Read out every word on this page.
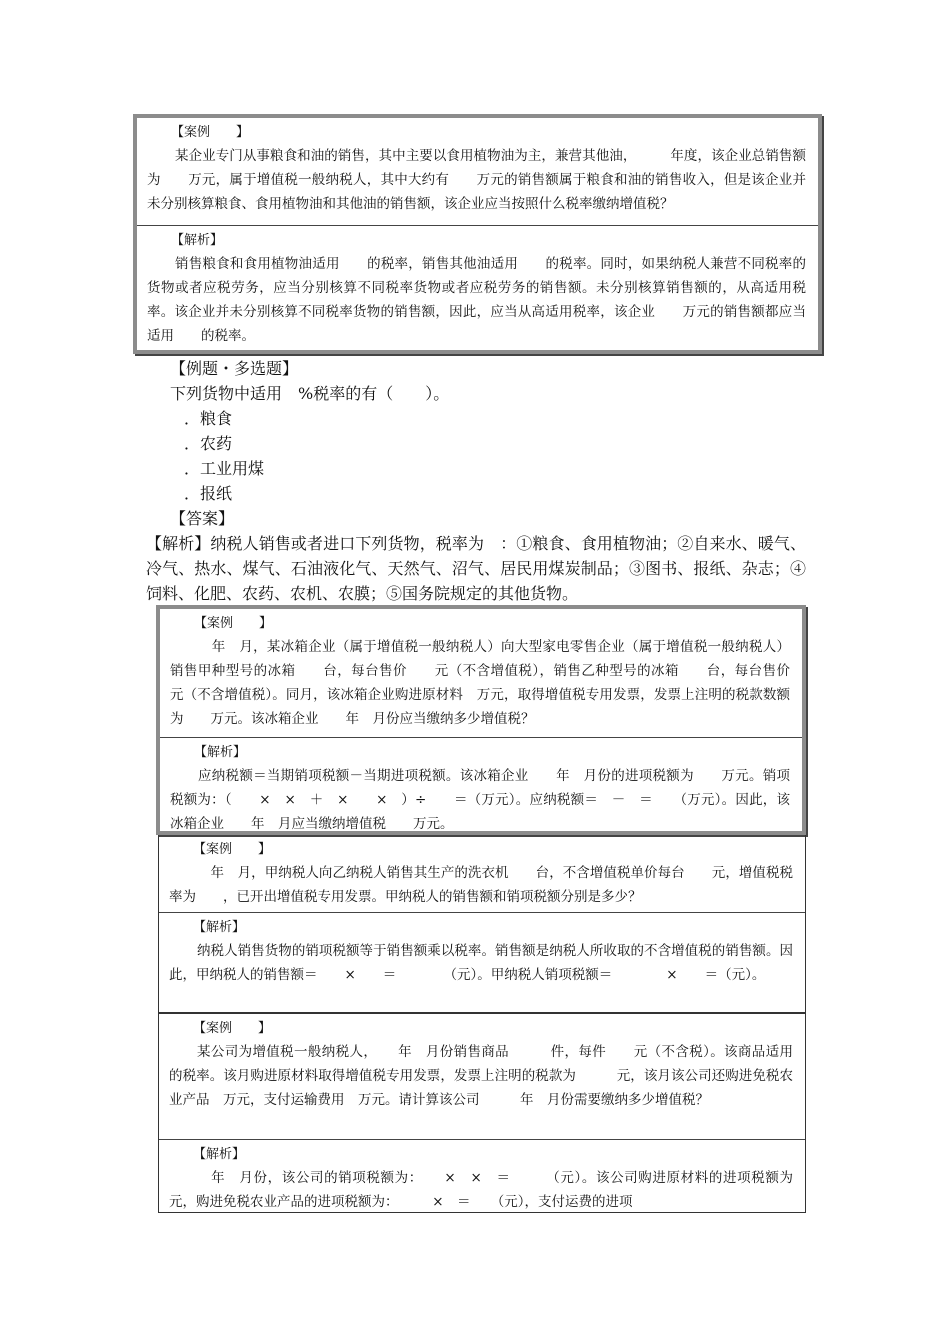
【案例　　】

某企业专门从事粮食和油的销售，其中主要以食用植物油为主，兼营其他油，　　　年度，该企业总销售额为　　万元，属于增值税一般纳税人，其中大约有　　万元的销售额属于粮食和油的销售收入，但是该企业并未分别核算粮食、食用植物油和其他油的销售额，该企业应当按照什么税率缴纳增值税？

【解析】

销售粮食和食用植物油适用　　的税率，销售其他油适用　　的税率。同时，如果纳税人兼营不同税率的货物或者应税劳务，应当分别核算不同税率货物或者应税劳务的销售额。未分别核算销售额的，从高适用税率。该企业并未分别核算不同税率货物的销售额，因此，应当从高适用税率，该企业　　万元的销售额都应当适用　　的税率。

【例题・多选题】
下列货物中适用　%税率的有（　　）。
．粮食
．农药
．工业用煤
．报纸
【答案】
【解析】纳税人销售或者进口下列货物，税率为　：①粮食、食用植物油；②自来水、暖气、冷气、热水、煤气、石油液化气、天然气、沼气、居民用煤炭制品；③图书、报纸、杂志；④饲料、化肥、农药、农机、农膜；⑤国务院规定的其他货物。
【案例　　】

　年　月，某冰箱企业（属于增值税一般纳税人）向大型家电零售企业（属于增值税一般纳税人）销售甲种型号的冰箱　　台，每台售价　　元（不含增值税），销售乙种型号的冰箱　　台，每台售价　　元（不含增值税）。同月，该冰箱企业购进原材料　万元，取得增值税专用发票，发票上注明的税款数额为　　万元。该冰箱企业　　年　月份应当缴纳多少增值税？

【解析】

应纳税额＝当期销项税额－当期进项税额。该冰箱企业　　年　月份的进项税额为　　万元。销项税额为：（　　×　×　＋　×　　×　）÷　　＝（万元）。应纳税额＝　－　＝　　（万元）。因此，该冰箱企业　　年　月应当缴纳增值税　　万元。

【案例　　】

　年　月，甲纳税人向乙纳税人销售其生产的洗衣机　　台，不含增值税单价每台　　元，增值税税率为　　，已开出增值税专用发票。甲纳税人的销售额和销项税额分别是多少？

【解析】

纳税人销售货物的销项税额等于销售额乘以税率。销售额是纳税人所收取的不含增值税的销售额。因此，甲纳税人的销售额＝　　×　　＝　　　　（元）。甲纳税人销项税额＝　　　　×　　＝（元）。

【案例　　】

某公司为增值税一般纳税人，　　年　月份销售商品　　　件，每件　　元（不含税）。该商品适用　　的税率。该月购进原材料取得增值税专用发票，发票上注明的税款为　　　元，该月该公司还购进免税农业产品　万元，支付运输费用　万元。请计算该公司　　　年　月份需要缴纳多少增值税？

【解析】

　年　月份，该公司的销项税额为：　　×　×　＝　　　（元）。该公司购进原材料的进项税额为　　　元，购进免税农业产品的进项税额为：　　　×　＝　　（元），支付运费的进项
